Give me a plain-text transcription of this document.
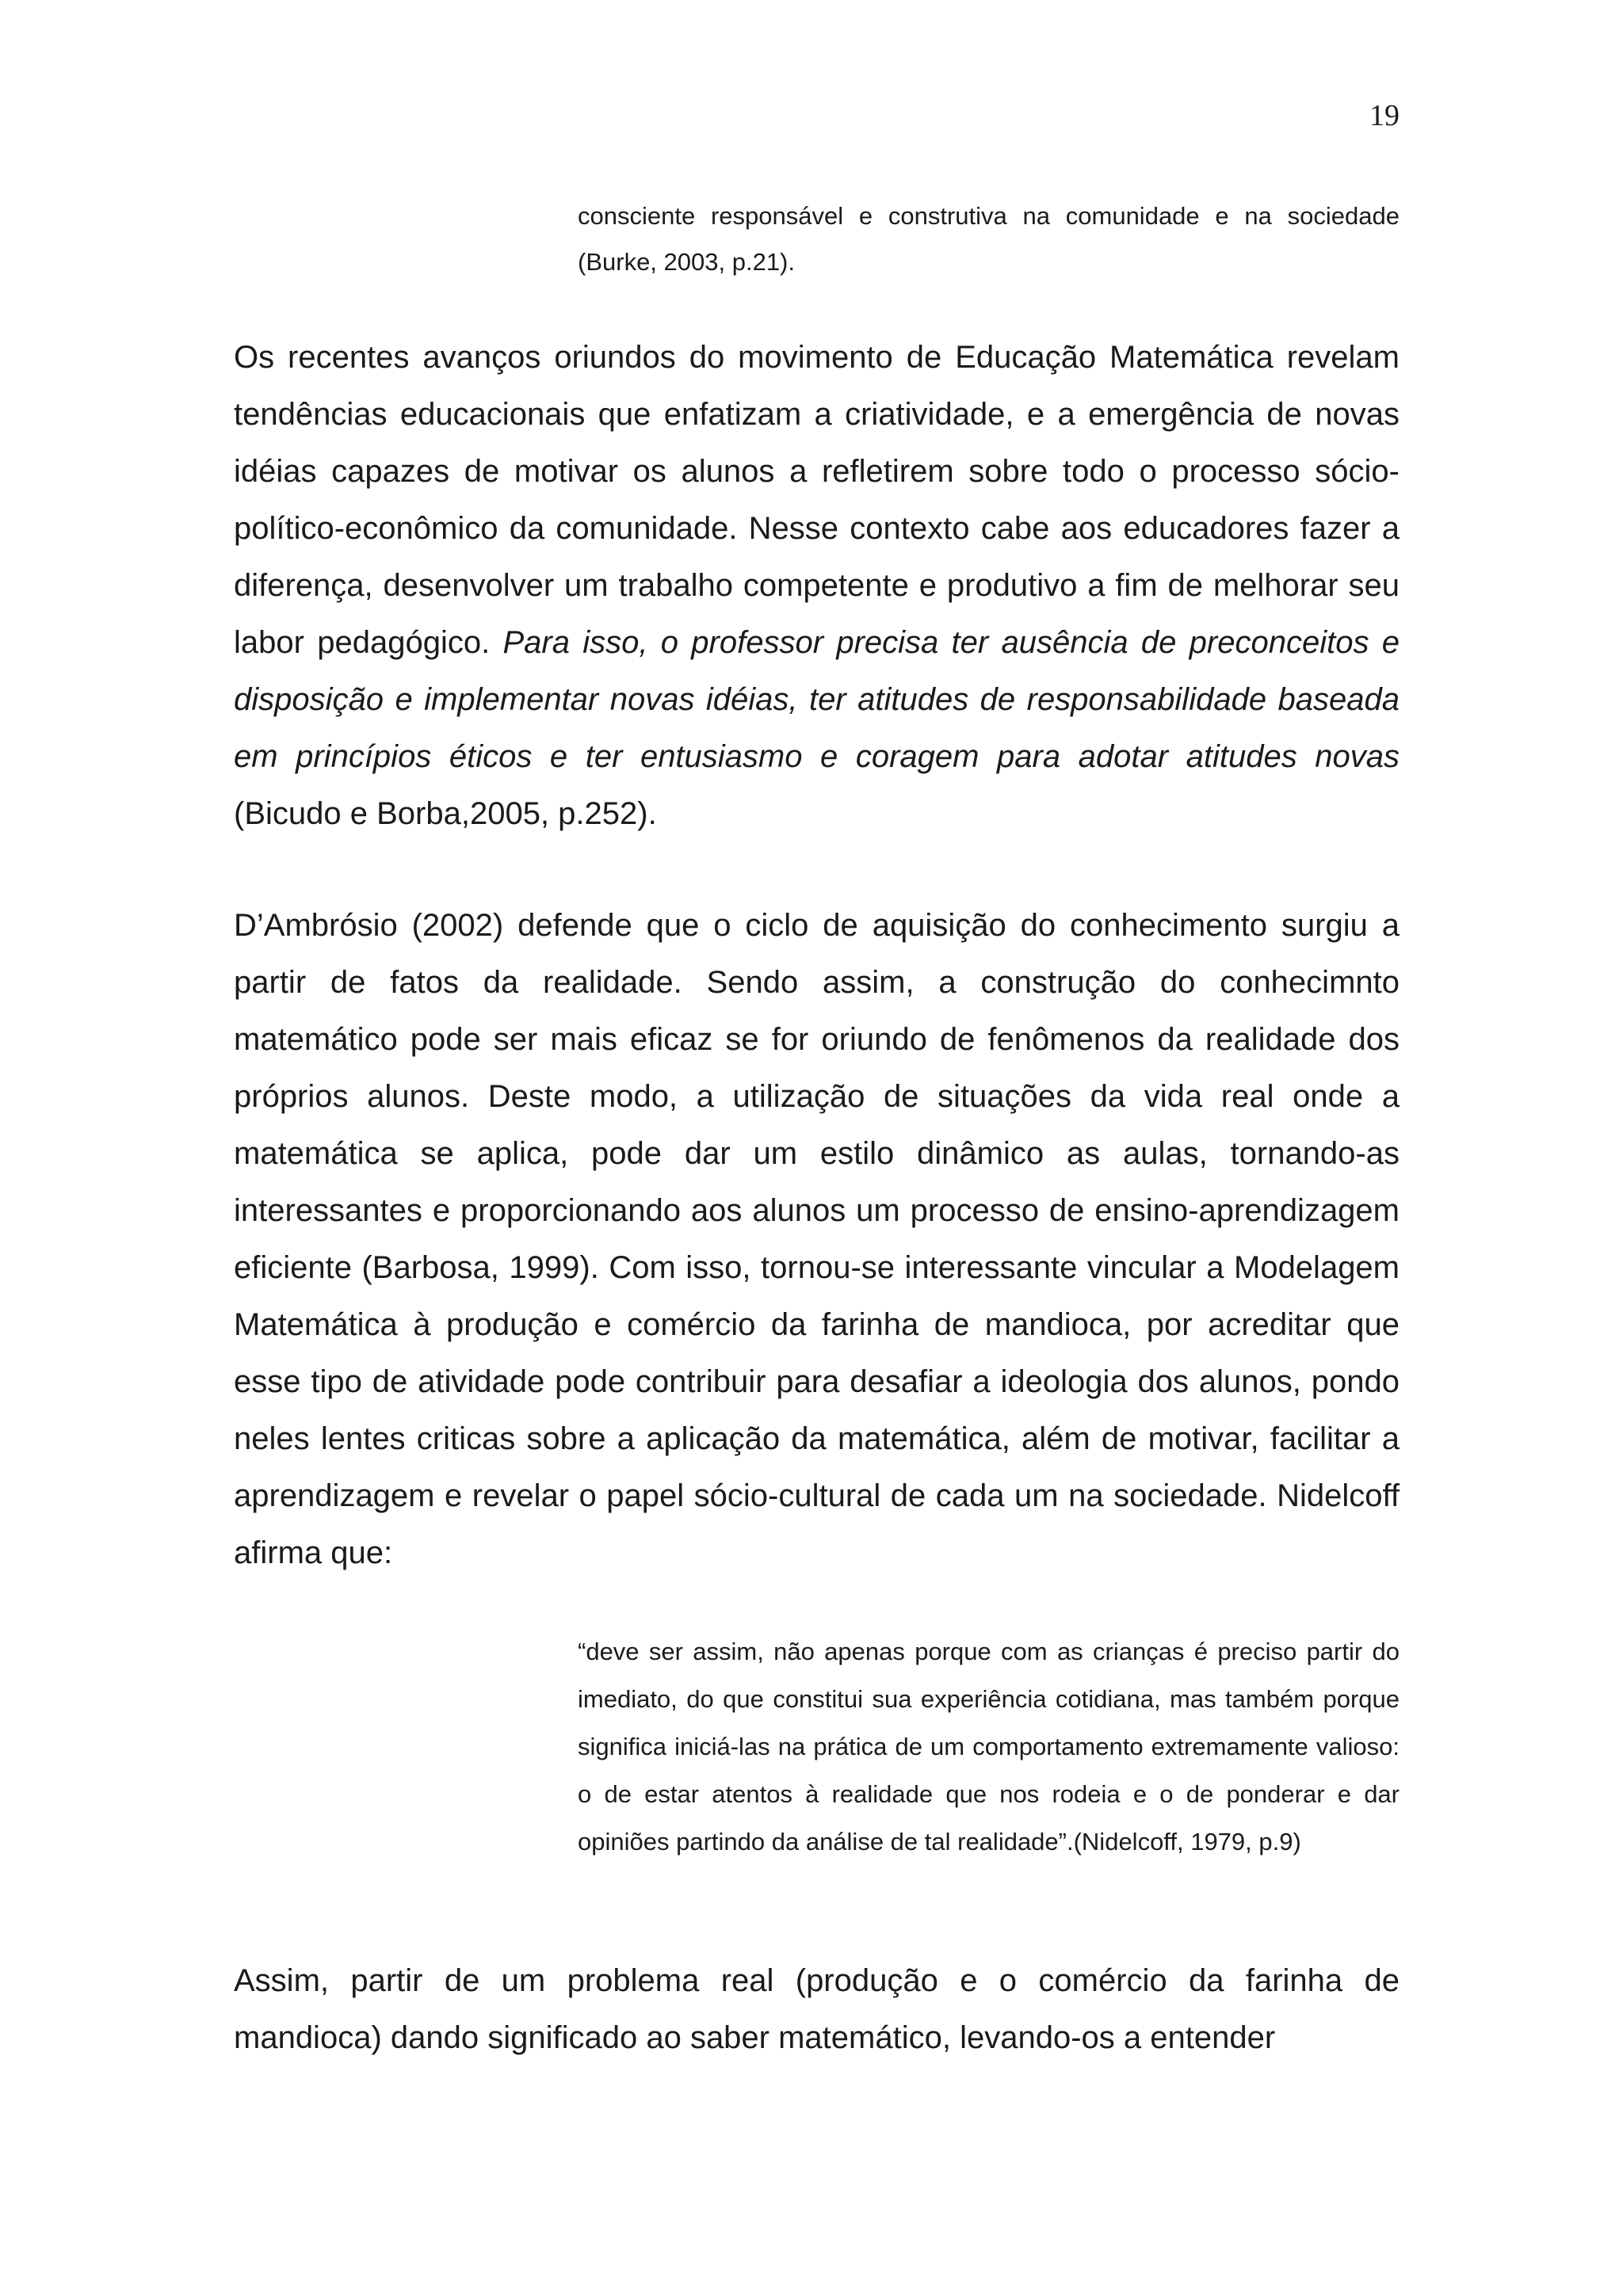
19
consciente responsável e construtiva na comunidade e na sociedade (Burke, 2003, p.21).

Os recentes avanços oriundos do movimento de Educação Matemática revelam tendências educacionais que enfatizam a criatividade, e a emergência de novas idéias capazes de motivar os alunos a refletirem sobre todo o processo sócio-político-econômico da comunidade. Nesse contexto cabe aos educadores fazer a diferença, desenvolver um trabalho competente e produtivo a fim de melhorar seu labor pedagógico. Para isso, o professor precisa ter ausência de preconceitos e disposição e implementar novas idéias, ter atitudes de responsabilidade baseada em princípios éticos e ter entusiasmo e coragem para adotar atitudes novas (Bicudo e Borba,2005, p.252).

D’Ambrósio (2002) defende que o ciclo de aquisição do conhecimento surgiu a partir de fatos da realidade. Sendo assim, a construção do conhecimnto matemático pode ser mais eficaz se for oriundo de fenômenos da realidade dos próprios alunos. Deste modo, a utilização de situações da vida real onde a matemática se aplica, pode dar um estilo dinâmico as aulas, tornando-as interessantes e proporcionando aos alunos um processo de ensino-aprendizagem eficiente (Barbosa, 1999). Com isso, tornou-se interessante vincular a Modelagem Matemática à produção e comércio da farinha de mandioca, por acreditar que esse tipo de atividade pode contribuir para desafiar a ideologia dos alunos, pondo neles lentes criticas sobre a aplicação da matemática, além de motivar, facilitar a aprendizagem e revelar o papel sócio-cultural de cada um na sociedade. Nidelcoff afirma que:

“deve ser assim, não apenas porque com as crianças é preciso partir do imediato, do que constitui sua experiência cotidiana, mas também porque significa iniciá-las na prática de um comportamento extremamente valioso: o de estar atentos à realidade que nos rodeia e o de ponderar e dar opiniões partindo da análise de tal realidade”.(Nidelcoff, 1979, p.9)

Assim, partir de um problema real (produção e o comércio da farinha de mandioca) dando significado ao saber matemático, levando-os a entender
